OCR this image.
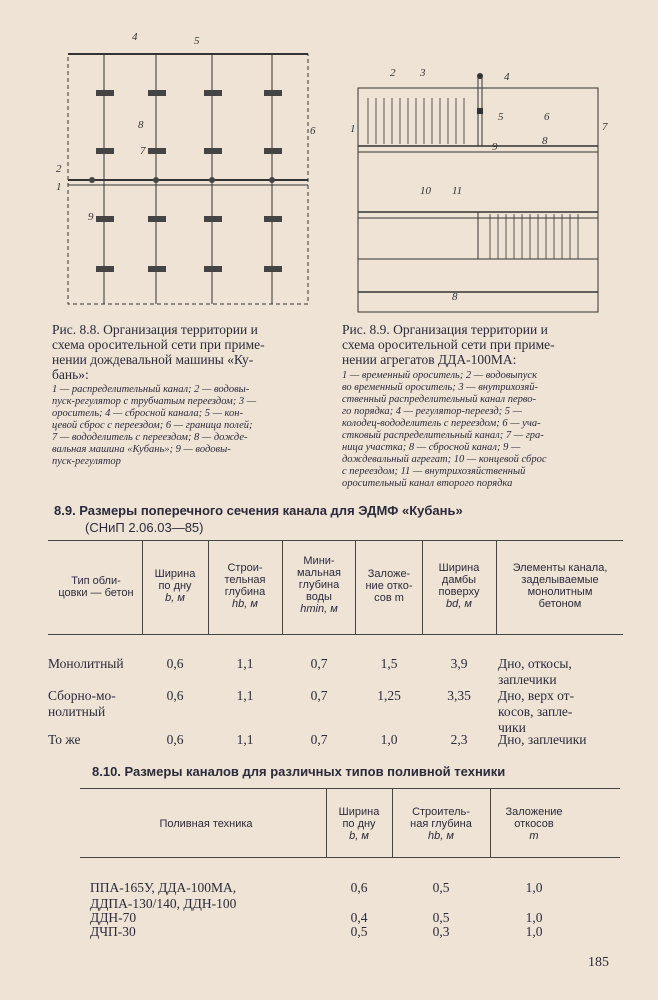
4	5
6
8
7
2
1
9
Рис. 8.8. Организация территории и
схема оросительной сети при приме-
нении дождевальной машины «Ку-
бань»:
1 — распределительный канал; 2 — водовы-
пуск-регулятор с трубчатым переездом; 3 —
ороситель; 4 — сбросной канала; 5 — кон-
цевой сброс с переездом; 6 — граница полей;
7 — вододелитель с переездом; 8 — дожде-
вальная машина «Кубань»; 9 — водовы-
пуск-регулятор
2 3	4
5	6
7
1
8
9
10 11
8
Рис. 8.9. Организация территории и
схема оросительной сети при приме-
нении агрегатов ДДА-100МА:
1 — временный ороситель; 2 — водовыпуск
во временный ороситель; 3 — внутрихозяй-
ственный распределительный канал перво-
го порядка; 4 — регулятор-переезд; 5 —
колодец-вододелитель с переездом; 6 — уча-
стковый распределительный канал; 7 — гра-
ница участка; 8 — сбросной канал; 9 —
дождевальный агрегат; 10 — концевой сброс
с переездом; 11 — внутрихозяйственный
оросительный канал второго порядка
8.9. Размеры поперечного сечения канала для ЭДМФ «Кубань»
(СНиП 2.06.03—85)
Тип обли-
цовки — бетон
Ширина
по дну
b, м
Строи-
тельная
глубина
hb, м
Мини-
мальная
глубина
воды
hmin, м
Заложе-
ние отко-
сов m
Ширина
дамбы
поверху
bd, м
Элементы канала,
заделываемые
монолитным
бетоном
Монолитный	0,6	1,1	0,7	1,5	3,9	Дно, откосы,
заплечики
Сборно-мо-
нолитный
0,6	1,1	0,7	1,25	3,35	Дно, верх от-
косов, запле-
чики
То же	0,6	1,1	0,7	1,0	2,3	Дно, заплечики
8.10. Размеры каналов для различных типов поливной техники
Поливная техника
Ширина
по дну
b, м
Строитель-
ная глубина
hb, м
Заложение
откосов
m
ППА-165У, ДДА-100МА,
ДДПА-130/140, ДДН-100
0,6	0,5	1,0
ДДН-70	0,4	0,5	1,0
ДЧП-30	0,5	0,3	1,0
185
